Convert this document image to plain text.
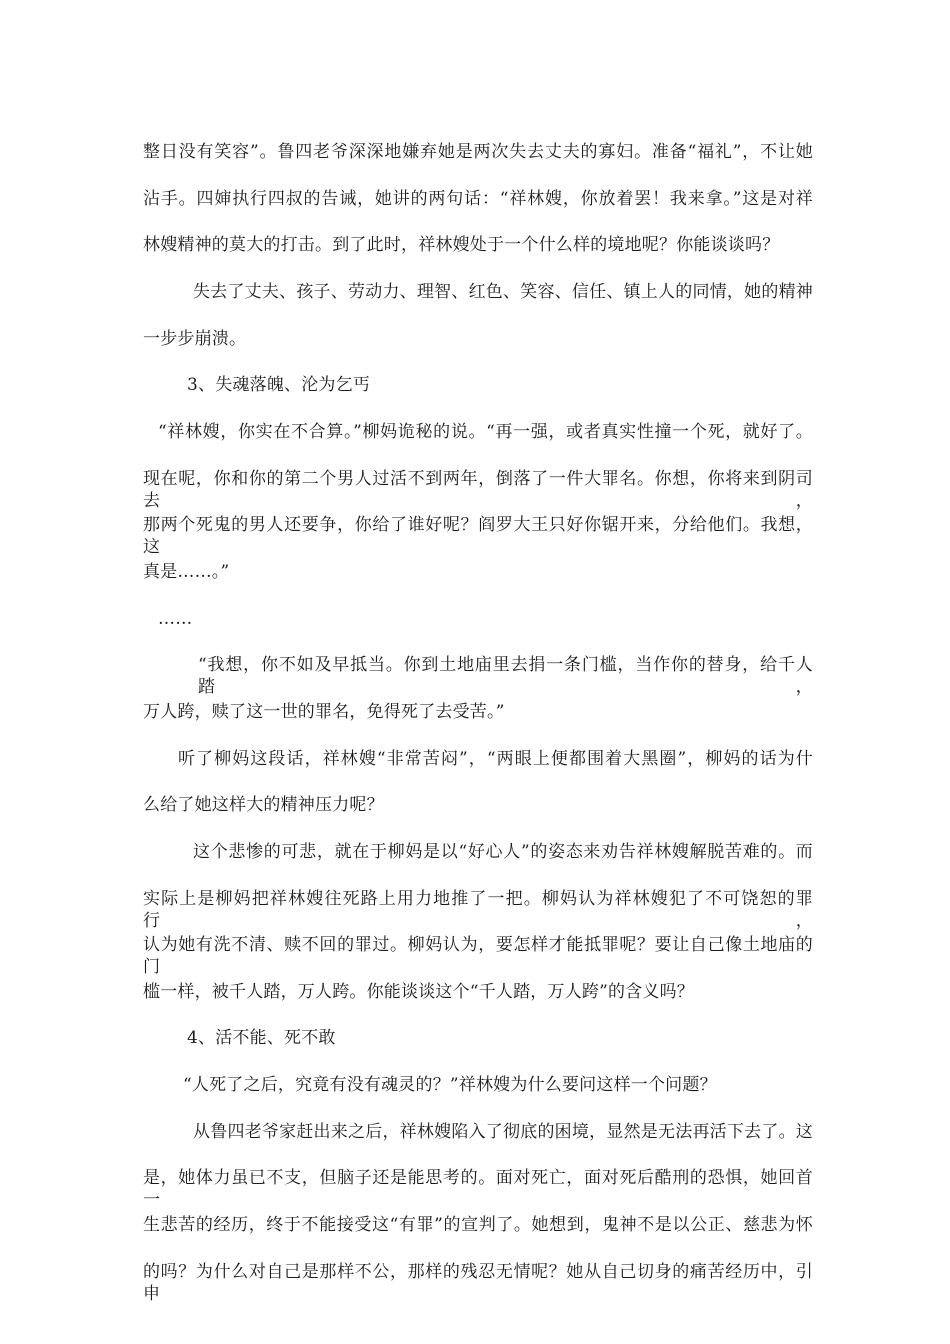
整日没有笑容”。鲁四老爷深深地嫌弃她是两次失去丈夫的寡妇。准备“福礼”，不让她
沾手。四婶执行四叔的告诫，她讲的两句话：“祥林嫂，你放着罢！我来拿。”这是对祥
林嫂精神的莫大的打击。到了此时，祥林嫂处于一个什么样的境地呢？你能谈谈吗？
失去了丈夫、孩子、劳动力、理智、红色、笑容、信任、镇上人的同情，她的精神
一步步崩溃。
3、失魂落魄、沦为乞丐
“祥林嫂，你实在不合算。”柳妈诡秘的说。“再一强，或者真实性撞一个死，就好了。
现在呢，你和你的第二个男人过活不到两年，倒落了一件大罪名。你想，你将来到阴司去，
那两个死鬼的男人还要争，你给了谁好呢？阎罗大王只好你锯开来，分给他们。我想，这
真是……。”
……
“我想，你不如及早抵当。你到土地庙里去捐一条门槛，当作你的替身，给千人踏，
万人跨，赎了这一世的罪名，免得死了去受苦。”
听了柳妈这段话，祥林嫂“非常苦闷”，“两眼上便都围着大黑圈”，柳妈的话为什
么给了她这样大的精神压力呢？
这个悲惨的可悲，就在于柳妈是以“好心人”的姿态来劝告祥林嫂解脱苦难的。而
实际上是柳妈把祥林嫂往死路上用力地推了一把。柳妈认为祥林嫂犯了不可饶恕的罪行，
认为她有洗不清、赎不回的罪过。柳妈认为，要怎样才能抵罪呢？要让自己像土地庙的门
槛一样，被千人踏，万人跨。你能谈谈这个“千人踏，万人跨”的含义吗？
4、活不能、死不敢
“人死了之后，究竟有没有魂灵的？”祥林嫂为什么要问这样一个问题？
从鲁四老爷家赶出来之后，祥林嫂陷入了彻底的困境，显然是无法再活下去了。这
是，她体力虽已不支，但脑子还是能思考的。面对死亡，面对死后酷刑的恐惧，她回首一
生悲苦的经历，终于不能接受这“有罪”的宣判了。她想到，鬼神不是以公正、慈悲为怀
的吗？为什么对自己是那样不公，那样的残忍无情呢？她从自己切身的痛苦经历中，引申
